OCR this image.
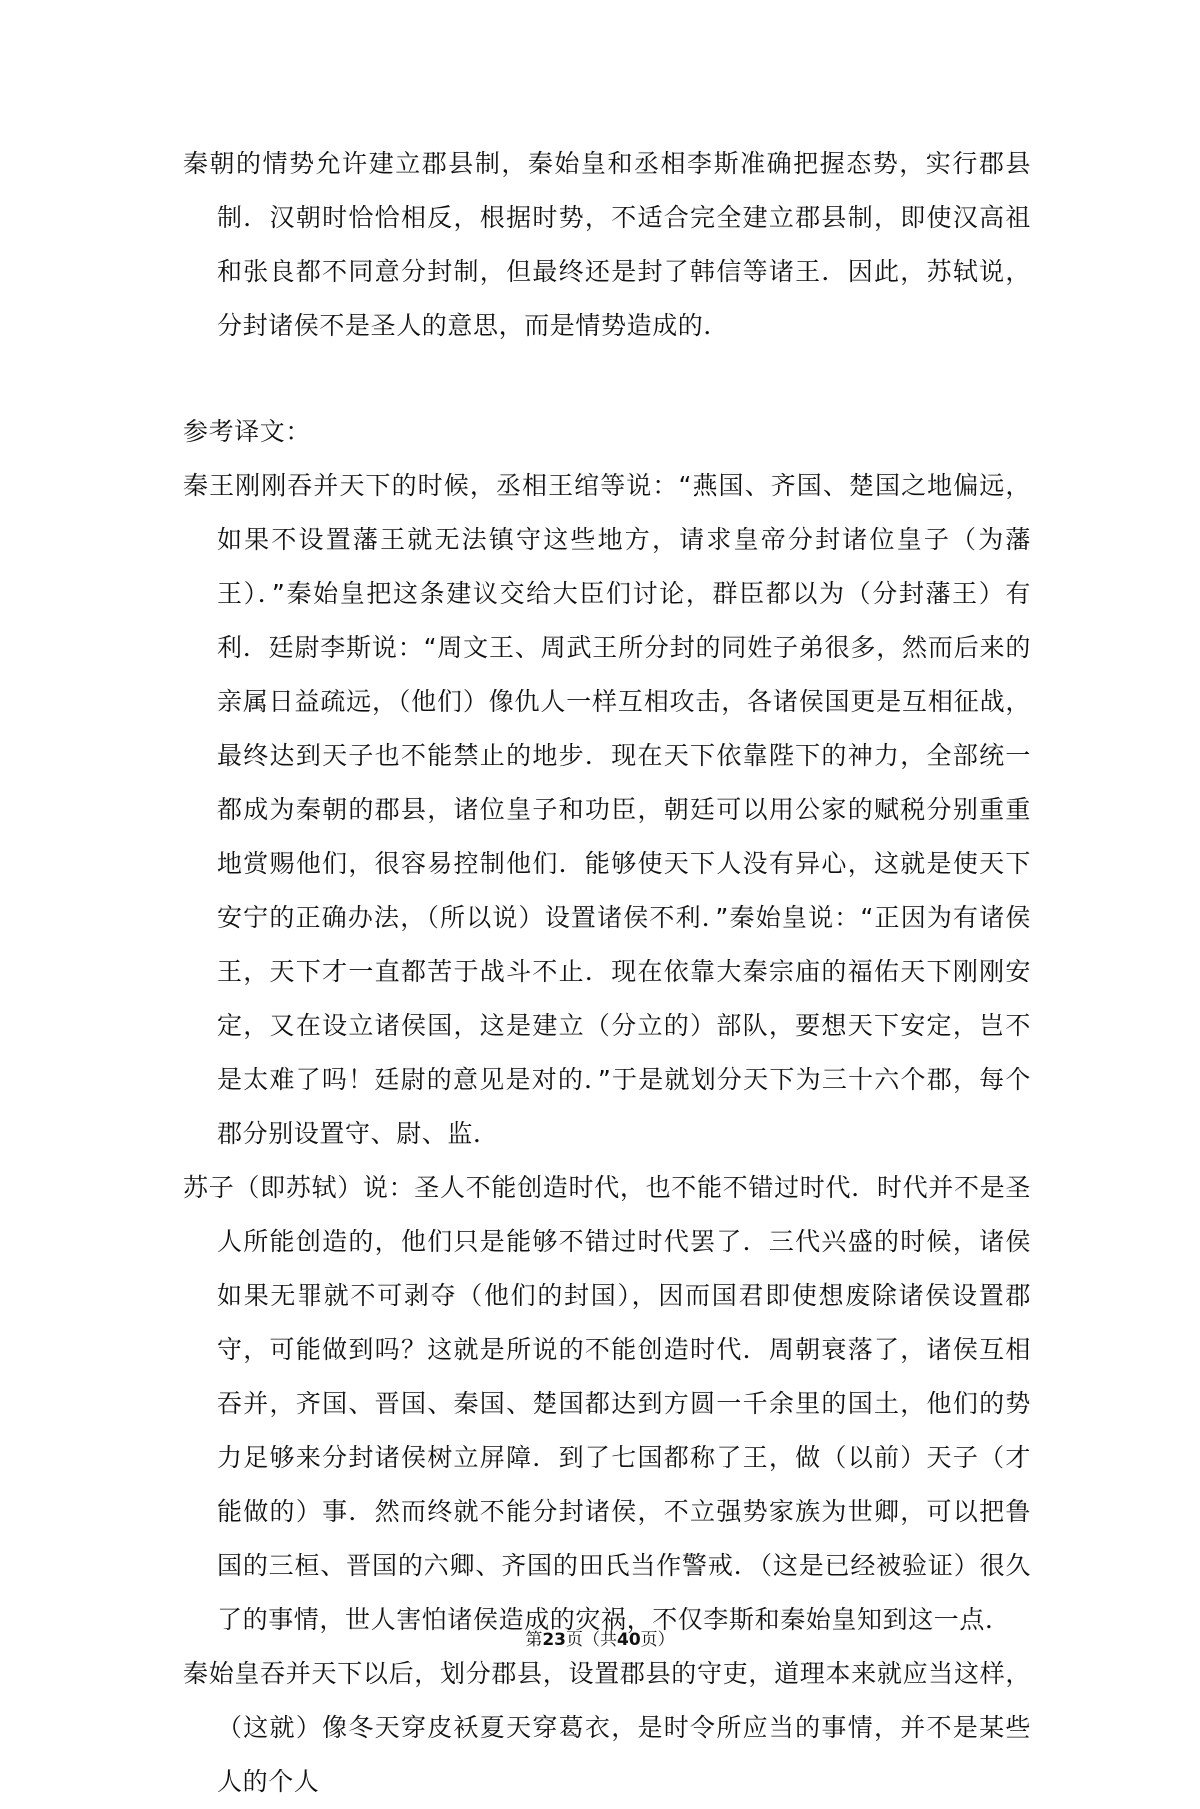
秦朝的情势允许建立郡县制，秦始皇和丞相李斯准确把握态势，实行郡县制．汉朝时恰恰相反，根据时势，不适合完全建立郡县制，即使汉高祖和张良都不同意分封制，但最终还是封了韩信等诸王．因此，苏轼说，分封诸侯不是圣人的意思，而是情势造成的．

参考译文：

秦王刚刚吞并天下的时候，丞相王绾等说：“燕国、齐国、楚国之地偏远，如果不设置藩王就无法镇守这些地方，请求皇帝分封诸位皇子（为藩王）．”秦始皇把这条建议交给大臣们讨论，群臣都以为（分封藩王）有利．廷尉李斯说：“周文王、周武王所分封的同姓子弟很多，然而后来的亲属日益疏远，（他们）像仇人一样互相攻击，各诸侯国更是互相征战，最终达到天子也不能禁止的地步．现在天下依靠陛下的神力，全部统一都成为秦朝的郡县，诸位皇子和功臣，朝廷可以用公家的赋税分别重重地赏赐他们，很容易控制他们．能够使天下人没有异心，这就是使天下安宁的正确办法，（所以说）设置诸侯不利．”秦始皇说：“正因为有诸侯王，天下才一直都苦于战斗不止．现在依靠大秦宗庙的福佑天下刚刚安定，又在设立诸侯国，这是建立（分立的）部队，要想天下安定，岂不是太难了吗！廷尉的意见是对的．”于是就划分天下为三十六个郡，每个郡分别设置守、尉、监．

苏子（即苏轼）说：圣人不能创造时代，也不能不错过时代．时代并不是圣人所能创造的，他们只是能够不错过时代罢了．三代兴盛的时候，诸侯如果无罪就不可剥夺（他们的封国），因而国君即使想废除诸侯设置郡守，可能做到吗？这就是所说的不能创造时代．周朝衰落了，诸侯互相吞并，齐国、晋国、秦国、楚国都达到方圆一千余里的国土，他们的势力足够来分封诸侯树立屏障．到了七国都称了王，做（以前）天子（才能做的）事．然而终就不能分封诸侯，不立强势家族为世卿，可以把鲁国的三桓、晋国的六卿、齐国的田氏当作警戒．（这是已经被验证）很久了的事情，世人害怕诸侯造成的灾祸，不仅李斯和秦始皇知到这一点．

秦始皇吞并天下以后，划分郡县，设置郡县的守吏，道理本来就应当这样，（这就）像冬天穿皮袄夏天穿葛衣，是时令所应当的事情，并不是某些人的个人

第23页（共40页）
